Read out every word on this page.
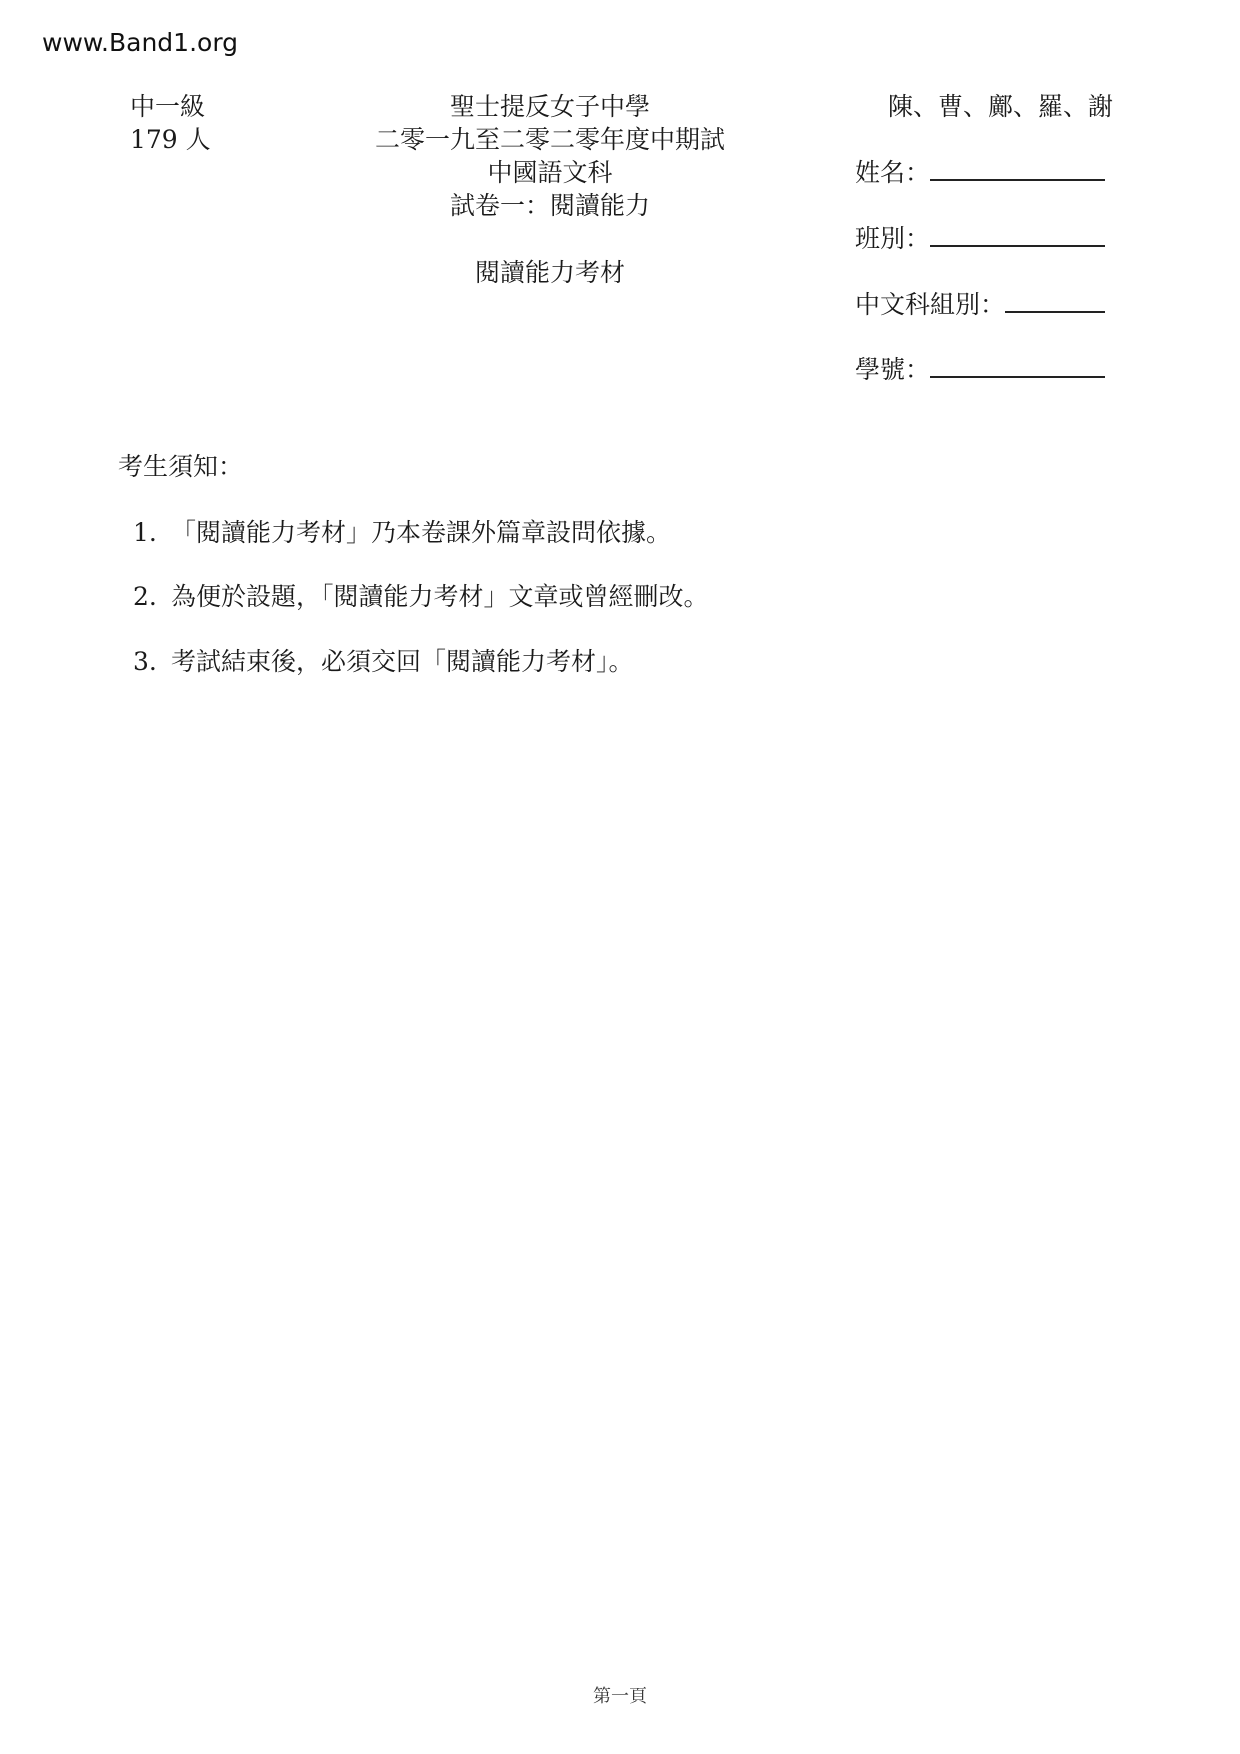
www.Band1.org
中一級
179 人
聖士提反女子中學
二零一九至二零二零年度中期試
中國語文科
試卷一：閱讀能力
閱讀能力考材
陳、曹、鄺、羅、謝
姓名：
班別：
中文科組別：
學號：
考生須知：
1. 「閱讀能力考材」乃本卷課外篇章設問依據。
2. 為便於設題，「閱讀能力考材」文章或曾經刪改。
3. 考試結束後，必須交回「閱讀能力考材」。
第一頁
